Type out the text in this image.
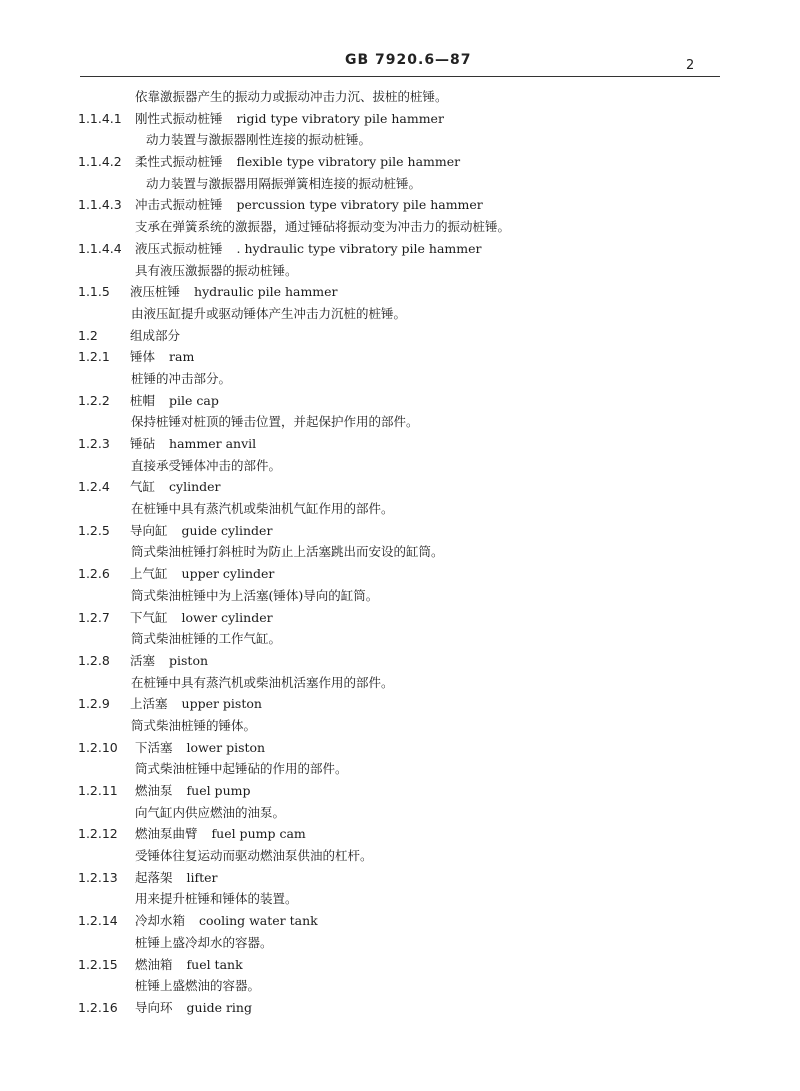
GB 7920.6—87	2
依靠激振器产生的振动力或振动冲击力沉、拔桩的桩锤。
1.1.4.1 刚性式振动桩锤 rigid type vibratory pile hammer
动力装置与激振器刚性连接的振动桩锤。
1.1.4.2 柔性式振动桩锤 flexible type vibratory pile hammer
动力装置与激振器用隔振弹簧相连接的振动桩锤。
1.1.4.3 冲击式振动桩锤 percussion type vibratory pile hammer
支承在弹簧系统的激振器，通过锤砧将振动变为冲击力的振动桩锤。
1.1.4.4 液压式振动桩锤 . hydraulic type vibratory pile hammer
具有液压激振器的振动桩锤。
1.1.5 液压桩锤 hydraulic pile hammer
由液压缸提升或驱动锤体产生冲击力沉桩的桩锤。
1.2	组成部分
1.2.1 锤体 ram
桩锤的冲击部分。
1.2.2 桩帽 pile cap
保持桩锤对桩顶的锤击位置，并起保护作用的部件。
1.2.3 锤砧 hammer anvil
直接承受锤体冲击的部件。
1.2.4 气缸 cylinder
在桩锤中具有蒸汽机或柴油机气缸作用的部件。
1.2.5 导向缸 guide cylinder
筒式柴油桩锤打斜桩时为防止上活塞跳出而安设的缸筒。
1.2.6 上气缸 upper cylinder
筒式柴油桩锤中为上活塞(锤体)导向的缸筒。
1.2.7 下气缸 lower cylinder
筒式柴油桩锤的工作气缸。
1.2.8 活塞 piston
在桩锤中具有蒸汽机或柴油机活塞作用的部件。
1.2.9 上活塞 upper piston
筒式柴油桩锤的锤体。
1.2.10 下活塞 lower piston
筒式柴油桩锤中起锤砧的作用的部件。
1.2.11 燃油泵 fuel pump
向气缸内供应燃油的油泵。
1.2.12 燃油泵曲臂 fuel pump cam
受锤体往复运动而驱动燃油泵供油的杠杆。
1.2.13 起落架 lifter
用来提升桩锤和锤体的装置。
1.2.14 冷却水箱 cooling water tank
桩锤上盛冷却水的容器。
1.2.15 燃油箱 fuel tank
桩锤上盛燃油的容器。
1.2.16 导向环 guide ring
